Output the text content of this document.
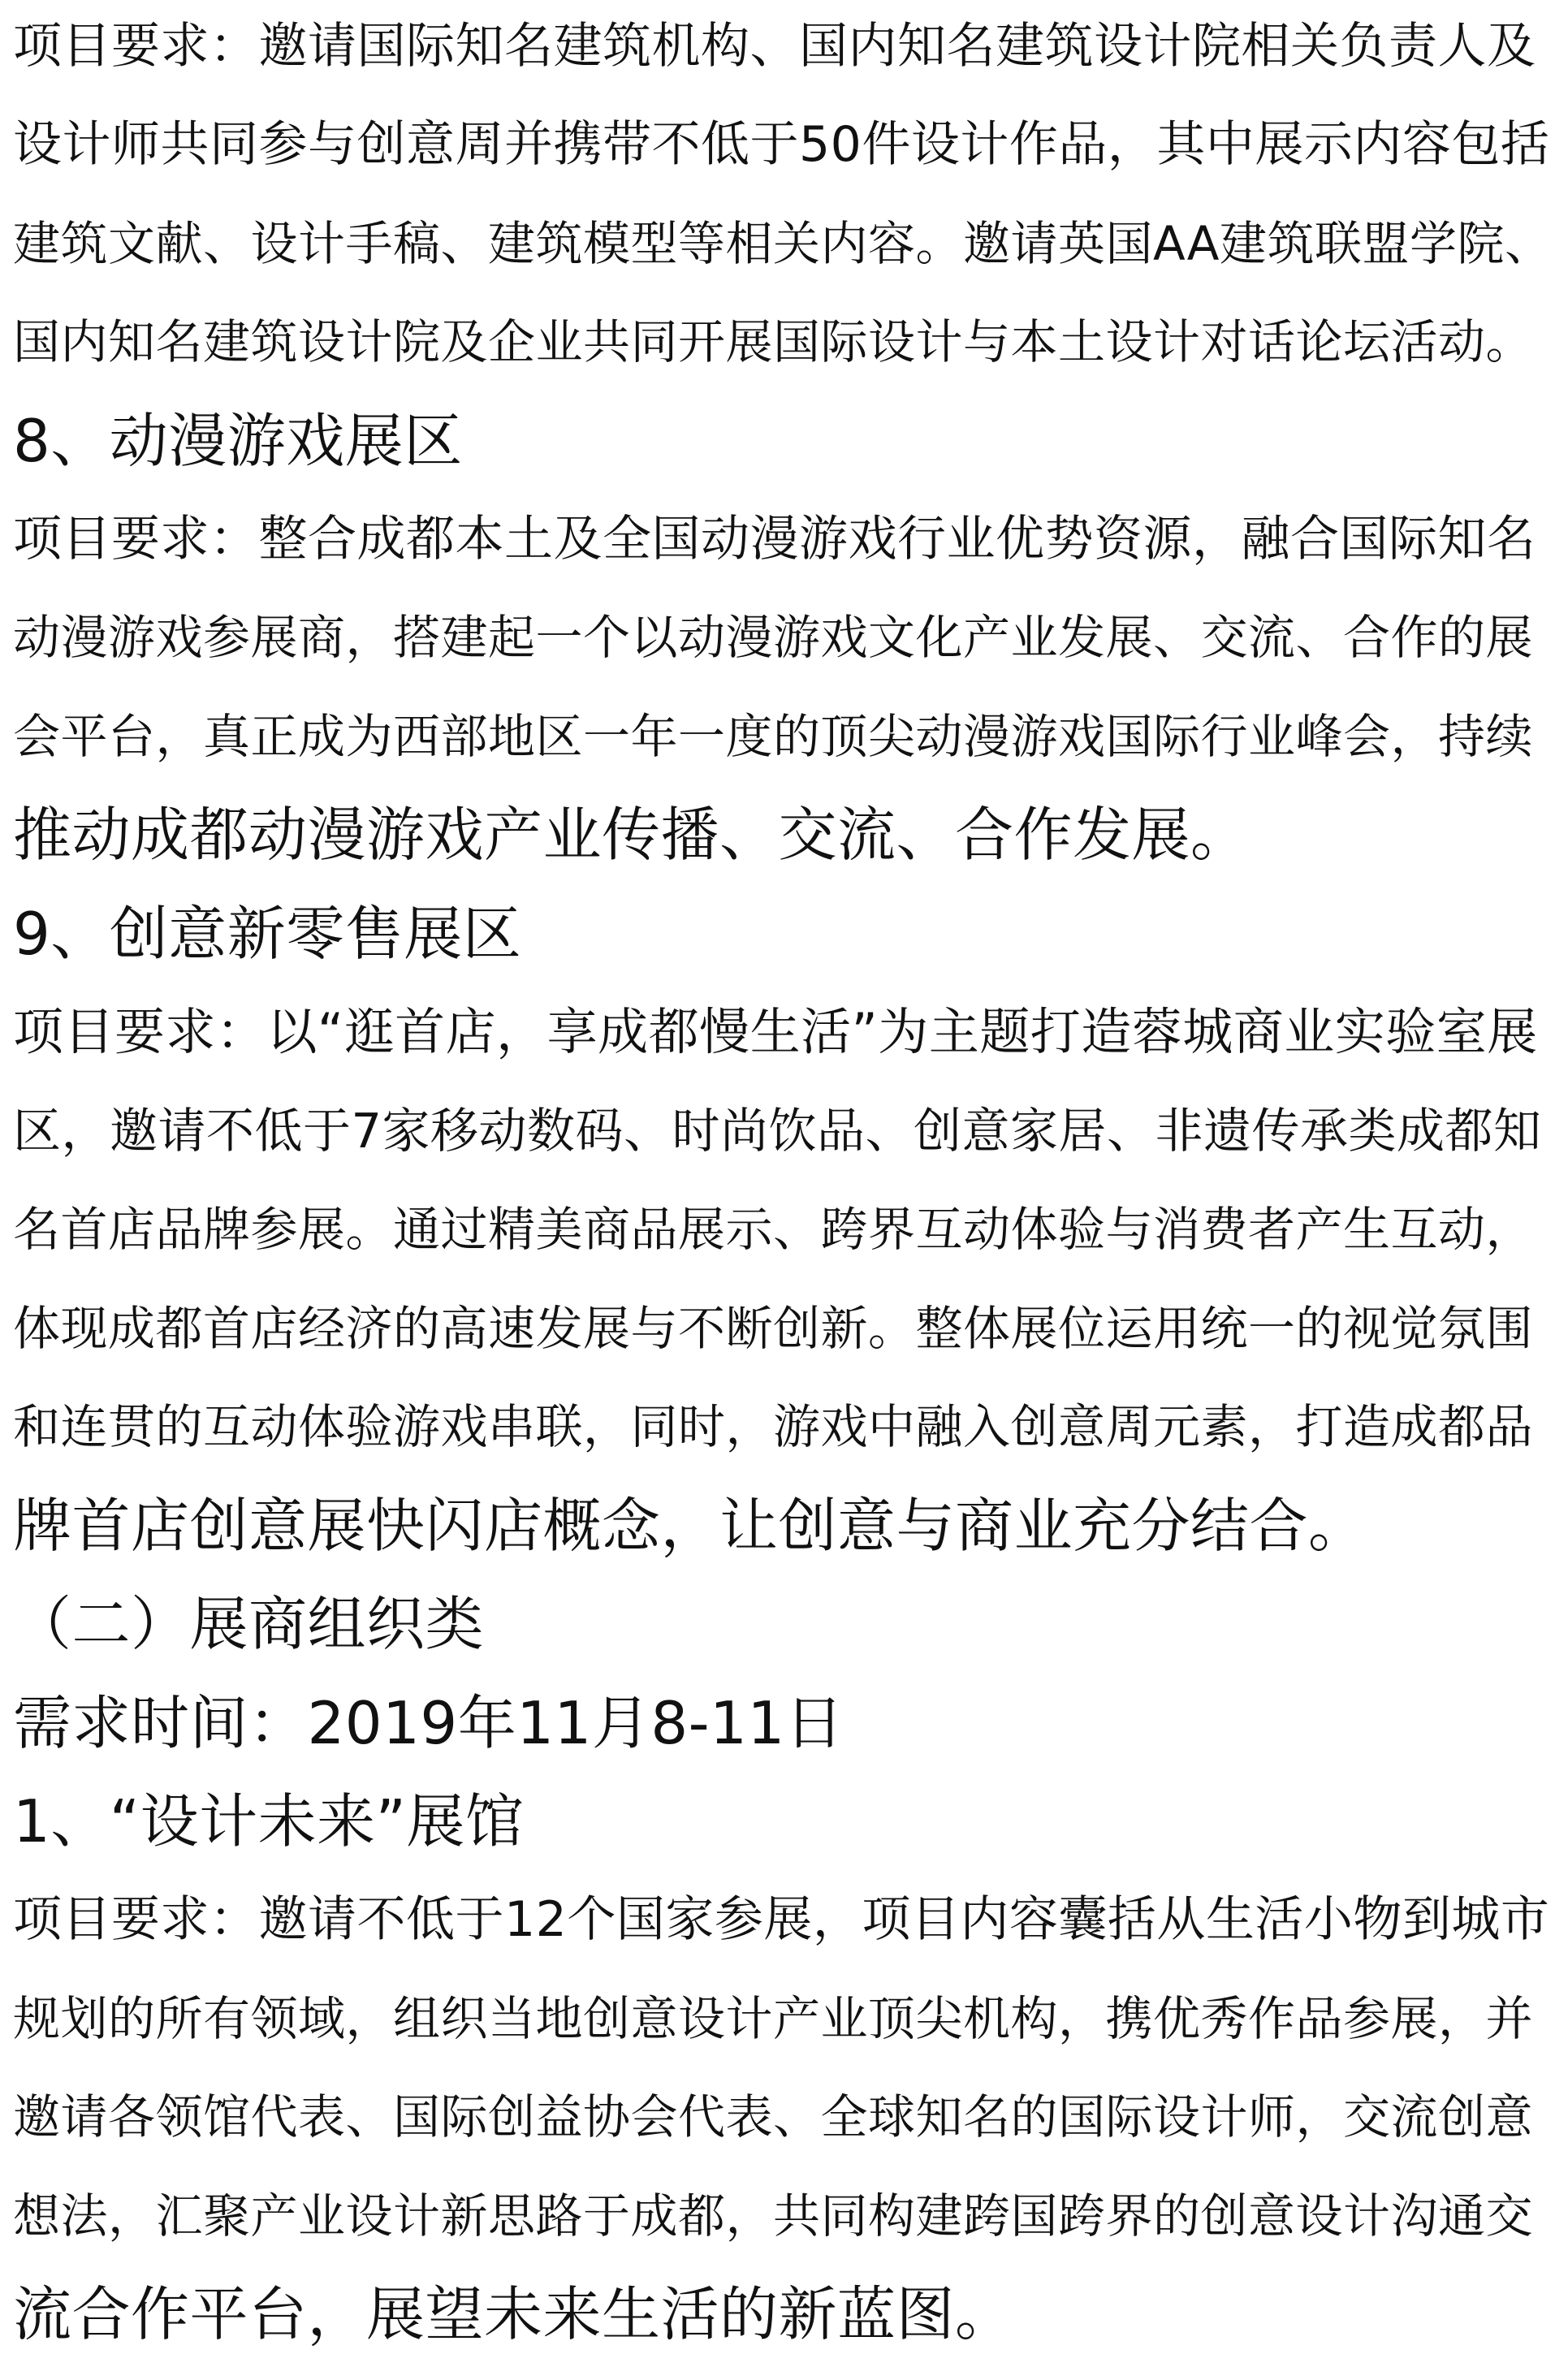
项目要求：邀请国际知名建筑机构、国内知名建筑设计院相关负责人及
设计师共同参与创意周并携带不低于50件设计作品，其中展示内容包括
建筑文献、设计手稿、建筑模型等相关内容。邀请英国AA建筑联盟学院、
国内知名建筑设计院及企业共同开展国际设计与本土设计对话论坛活动。
8、动漫游戏展区
项目要求：整合成都本土及全国动漫游戏行业优势资源，融合国际知名
动漫游戏参展商，搭建起一个以动漫游戏文化产业发展、交流、合作的展
会平台，真正成为西部地区一年一度的顶尖动漫游戏国际行业峰会，持续
推动成都动漫游戏产业传播、交流、合作发展。
9、创意新零售展区
项目要求：以“逛首店，享成都慢生活”为主题打造蓉城商业实验室展
区，邀请不低于7家移动数码、时尚饮品、创意家居、非遗传承类成都知
名首店品牌参展。通过精美商品展示、跨界互动体验与消费者产生互动，
体现成都首店经济的高速发展与不断创新。整体展位运用统一的视觉氛围
和连贯的互动体验游戏串联，同时，游戏中融入创意周元素，打造成都品
牌首店创意展快闪店概念，让创意与商业充分结合。
（二）展商组织类
需求时间：2019年11月8-11日
1、“设计未来”展馆
项目要求：邀请不低于12个国家参展，项目内容囊括从生活小物到城市
规划的所有领域，组织当地创意设计产业顶尖机构，携优秀作品参展，并
邀请各领馆代表、国际创益协会代表、全球知名的国际设计师，交流创意
想法，汇聚产业设计新思路于成都，共同构建跨国跨界的创意设计沟通交
流合作平台，展望未来生活的新蓝图。
